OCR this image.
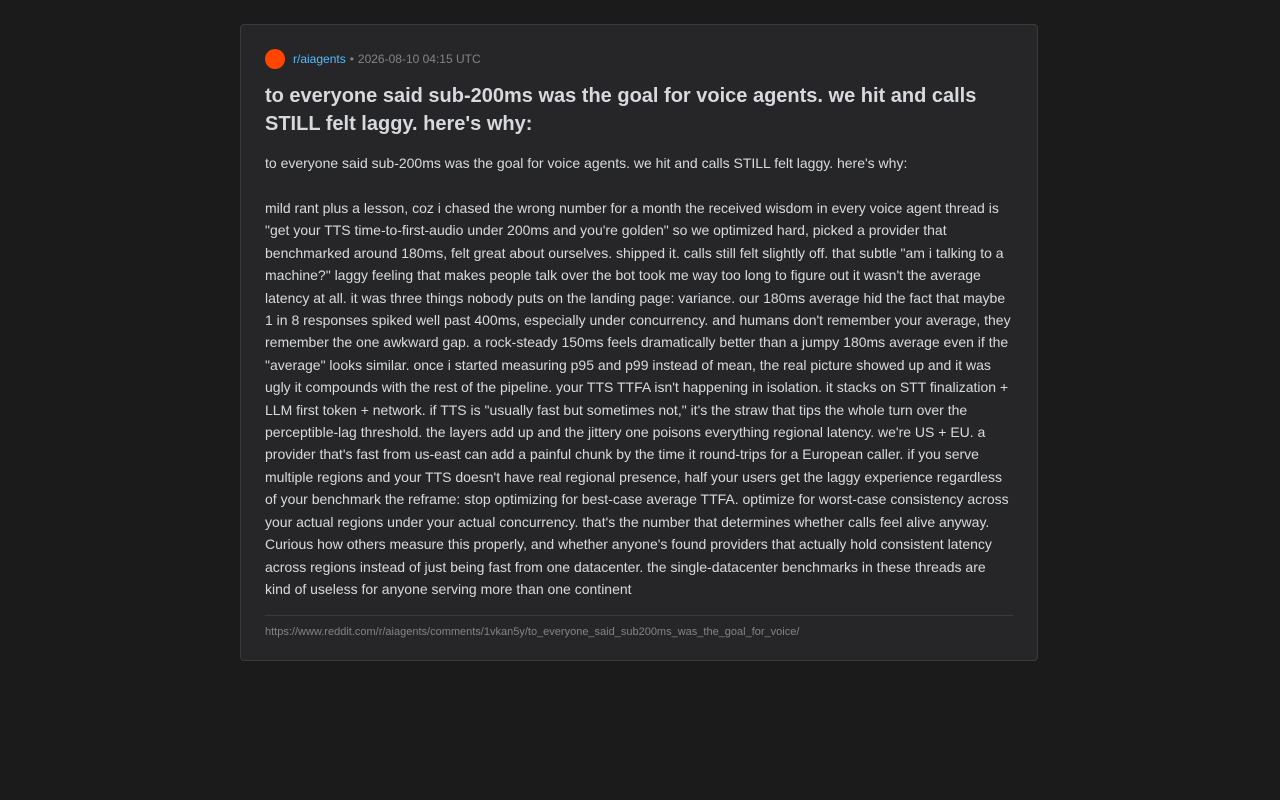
r/aiagents • 2026-08-10 04:15 UTC
to everyone said sub-200ms was the goal for voice agents. we hit and calls STILL felt laggy. here's why:

to everyone said sub-200ms was the goal for voice agents. we hit and calls STILL felt laggy. here's why:

mild rant plus a lesson, coz i chased the wrong number for a month the received wisdom in every voice agent thread is "get your TTS time-to-first-audio under 200ms and you're golden" so we optimized hard, picked a provider that benchmarked around 180ms, felt great about ourselves. shipped it. calls still felt slightly off. that subtle "am i talking to a machine?" laggy feeling that makes people talk over the bot took me way too long to figure out it wasn't the average latency at all. it was three things nobody puts on the landing page: variance. our 180ms average hid the fact that maybe 1 in 8 responses spiked well past 400ms, especially under concurrency. and humans don't remember your average, they remember the one awkward gap. a rock-steady 150ms feels dramatically better than a jumpy 180ms average even if the "average" looks similar. once i started measuring p95 and p99 instead of mean, the real picture showed up and it was ugly it compounds with the rest of the pipeline. your TTS TTFA isn't happening in isolation. it stacks on STT finalization + LLM first token + network. if TTS is "usually fast but sometimes not," it's the straw that tips the whole turn over the perceptible-lag threshold. the layers add up and the jittery one poisons everything regional latency. we're US + EU. a provider that's fast from us-east can add a painful chunk by the time it round-trips for a European caller. if you serve multiple regions and your TTS doesn't have real regional presence, half your users get the laggy experience regardless of your benchmark the reframe: stop optimizing for best-case average TTFA. optimize for worst-case consistency across your actual regions under your actual concurrency. that's the number that determines whether calls feel alive anyway. Curious how others measure this properly, and whether anyone's found providers that actually hold consistent latency across regions instead of just being fast from one datacenter. the single-datacenter benchmarks in these threads are kind of useless for anyone serving more than one continent

https://www.reddit.com/r/aiagents/comments/1vkan5y/to_everyone_said_sub200ms_was_the_goal_for_voice/
